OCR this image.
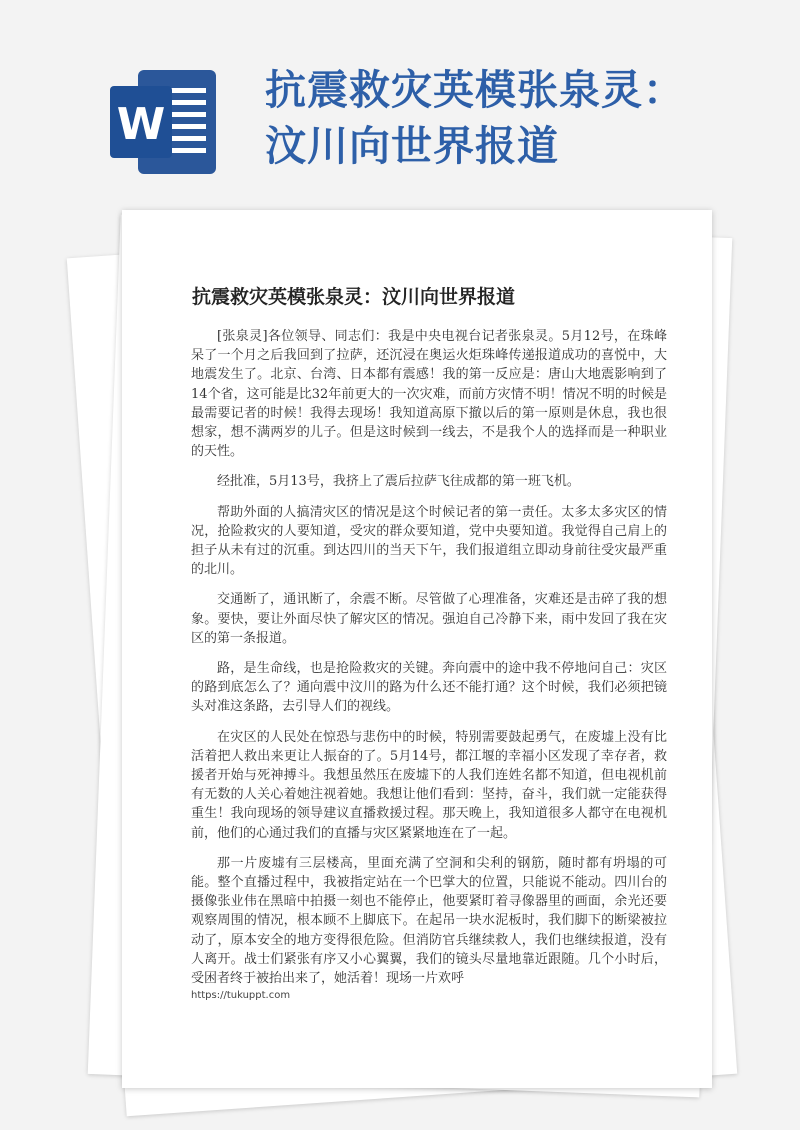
W
抗震救灾英模张泉灵：
汶川向世界报道
抗震救灾英模张泉灵：汶川向世界报道

[张泉灵]各位领导、同志们：我是中央电视台记者张泉灵。5月12号，在珠峰呆了一个月之后我回到了拉萨，还沉浸在奥运火炬珠峰传递报道成功的喜悦中，大地震发生了。北京、台湾、日本都有震感！我的第一反应是：唐山大地震影响到了14个省，这可能是比32年前更大的一次灾难，而前方灾情不明！情况不明的时候是最需要记者的时候！我得去现场！我知道高原下撤以后的第一原则是休息，我也很想家，想不满两岁的儿子。但是这时候到一线去，不是我个人的选择而是一种职业的天性。

经批准，5月13号，我挤上了震后拉萨飞往成都的第一班飞机。

帮助外面的人搞清灾区的情况是这个时候记者的第一责任。太多太多灾区的情况，抢险救灾的人要知道，受灾的群众要知道，党中央要知道。我觉得自己肩上的担子从未有过的沉重。到达四川的当天下午，我们报道组立即动身前往受灾最严重的北川。

交通断了，通讯断了，余震不断。尽管做了心理准备，灾难还是击碎了我的想象。要快，要让外面尽快了解灾区的情况。强迫自己冷静下来，雨中发回了我在灾区的第一条报道。

路，是生命线，也是抢险救灾的关键。奔向震中的途中我不停地问自己：灾区的路到底怎么了？通向震中汶川的路为什么还不能打通？这个时候，我们必须把镜头对准这条路，去引导人们的视线。

在灾区的人民处在惊恐与悲伤中的时候，特别需要鼓起勇气，在废墟上没有比活着把人救出来更让人振奋的了。5月14号，都江堰的幸福小区发现了幸存者，救援者开始与死神搏斗。我想虽然压在废墟下的人我们连姓名都不知道，但电视机前有无数的人关心着她注视着她。我想让他们看到：坚持，奋斗，我们就一定能获得重生！我向现场的领导建议直播救援过程。那天晚上，我知道很多人都守在电视机前，他们的心通过我们的直播与灾区紧紧地连在了一起。

那一片废墟有三层楼高，里面充满了空洞和尖利的钢筋，随时都有坍塌的可能。整个直播过程中，我被指定站在一个巴掌大的位置，只能说不能动。四川台的摄像张业伟在黑暗中拍摄一刻也不能停止，他要紧盯着寻像器里的画面，余光还要观察周围的情况，根本顾不上脚底下。在起吊一块水泥板时，我们脚下的断梁被拉动了，原本安全的地方变得很危险。但消防官兵继续救人，我们也继续报道，没有人离开。战士们紧张有序又小心翼翼，我们的镜头尽量地靠近跟随。几个小时后，受困者终于被抬出来了，她活着！现场一片欢呼

https://tukuppt.com
